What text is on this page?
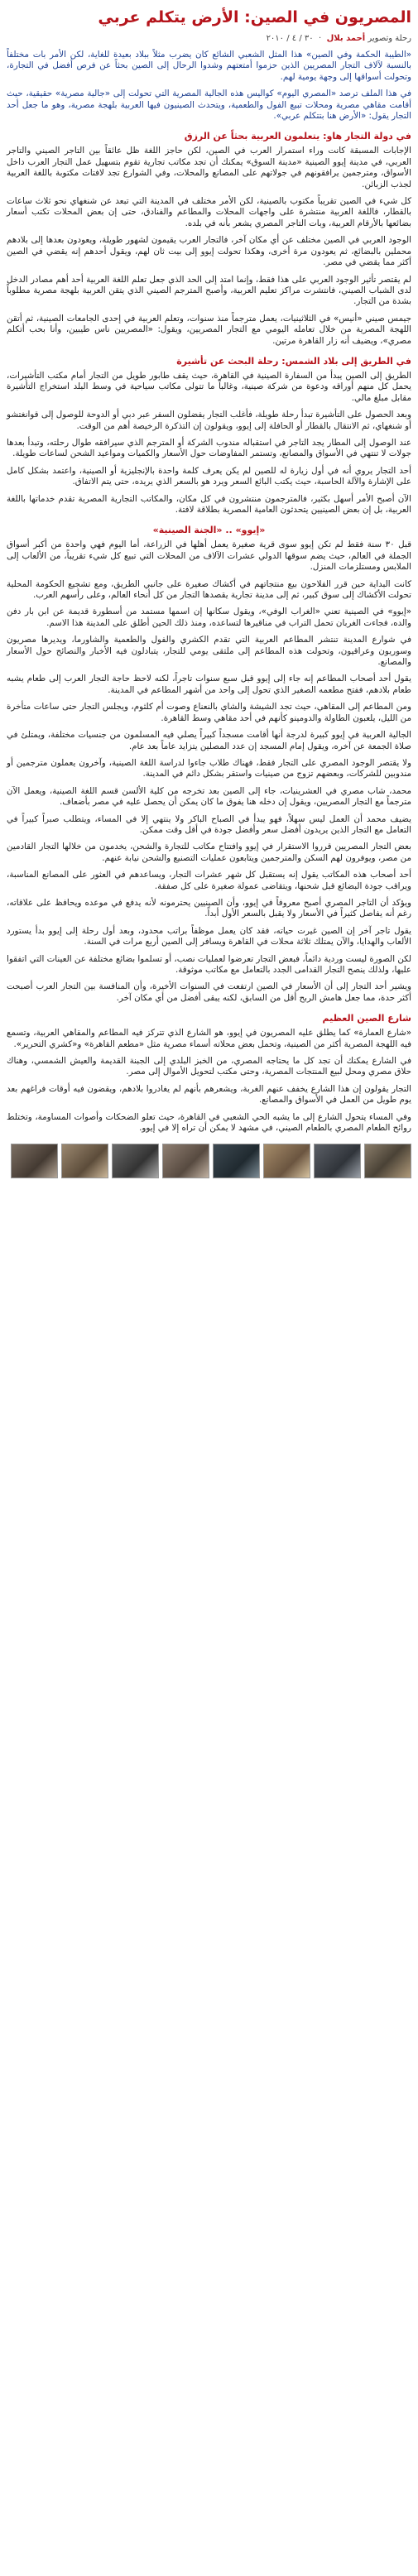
المصريون في الصين: الأرض يتكلم عربي
رحلة وتصوير أحمد بلال  ·  ٣٠ / ٤ / ٢٠١٠

«الطيبة الحكمة وفي الصين» هذا المثل الشعبي الشائع كان يضرب مثلاً ببلاد بعيدة للغاية، لكن الأمر بات مختلفاً بالنسبة لآلاف التجار المصريين الذين حزموا أمتعتهم وشدوا الرحال إلى الصين بحثاً عن فرص أفضل في التجارة، وتحولت أسواقها إلى وجهة يومية لهم.

في هذا الملف ترصد «المصري اليوم» كواليس هذه الجالية المصرية التي تحولت إلى «جالية مصرية» حقيقية، حيث أقامت مقاهي مصرية ومحلات تبيع الفول والطعمية، ويتحدث الصينيون فيها العربية بلهجة مصرية، وهو ما جعل أحد التجار يقول: «الأرض هنا بتتكلم عربي».

في دولة التجار هاو: يتعلمون العربية بحثاً عن الرزق

الإجابات المسبقة كانت وراء استمرار العرب في الصين، لكن حاجز اللغة ظل عائقاً بين التاجر الصيني والتاجر العربي، في مدينة إيوو الصينية «مدينة السوق» يمكنك أن تجد مكاتب تجارية تقوم بتسهيل عمل التجار العرب داخل الأسواق، ومترجمين يرافقونهم في جولاتهم على المصانع والمحلات، وفي الشوارع تجد لافتات مكتوبة باللغة العربية لجذب الزبائن.

كل شيء في الصين تقريباً مكتوب بالصينية، لكن الأمر مختلف في المدينة التي تبعد عن شنغهاي نحو ثلاث ساعات بالقطار، فاللغة العربية منتشرة على واجهات المحلات والمطاعم والفنادق، حتى إن بعض المحلات تكتب أسعار بضائعها بالأرقام العربية، وبات التاجر المصري يشعر بأنه في بلده.

الوجود العربي في الصين مختلف عن أي مكان آخر، فالتجار العرب يقيمون لشهور طويلة، ويعودون بعدها إلى بلادهم محملين بالبضائع، ثم يعودون مرة أخرى، وهكذا تحولت إيوو إلى بيت ثان لهم، ويقول أحدهم إنه يقضي في الصين أكثر مما يقضي في مصر.

لم يقتصر تأثير الوجود العربي على هذا فقط، وإنما امتد إلى الحد الذي جعل تعلم اللغة العربية أحد أهم مصادر الدخل لدى الشباب الصيني، فانتشرت مراكز تعليم العربية، وأصبح المترجم الصيني الذي يتقن العربية بلهجة مصرية مطلوباً بشدة من التجار.

جيمس صيني «أنيس» في الثلاثينيات، يعمل مترجماً منذ سنوات، وتعلم العربية في إحدى الجامعات الصينية، ثم أتقن اللهجة المصرية من خلال تعامله اليومي مع التجار المصريين، ويقول: «المصريين ناس طيبين، وأنا بحب أتكلم مصري»، ويضيف أنه زار القاهرة مرتين.

في الطريق إلى بلاد الشمس: رحلة البحث عن تأشيرة

الطريق إلى الصين يبدأ من السفارة الصينية في القاهرة، حيث يقف طابور طويل من التجار أمام مكتب التأشيرات، يحمل كل منهم أوراقه ودعوة من شركة صينية، وغالباً ما تتولى مكاتب سياحية في وسط البلد استخراج التأشيرة مقابل مبلغ مالي.

وبعد الحصول على التأشيرة تبدأ رحلة طويلة، فأغلب التجار يفضلون السفر عبر دبي أو الدوحة للوصول إلى قوانغتشو أو شنغهاي، ثم الانتقال بالقطار أو الحافلة إلى إيوو، ويقولون إن التذكرة الرخيصة أهم من الوقت.

عند الوصول إلى المطار يجد التاجر في استقباله مندوب الشركة أو المترجم الذي سيرافقه طوال رحلته، وتبدأ بعدها جولات لا تنتهي في الأسواق والمصانع، وتستمر المفاوضات حول الأسعار والكميات ومواعيد الشحن لساعات طويلة.

أحد التجار يروي أنه في أول زيارة له للصين لم يكن يعرف كلمة واحدة بالإنجليزية أو الصينية، واعتمد بشكل كامل على الإشارة والآلة الحاسبة، حيث يكتب البائع السعر ويرد هو بالسعر الذي يريده، حتى يتم الاتفاق.

الآن أصبح الأمر أسهل بكثير، فالمترجمون منتشرون في كل مكان، والمكاتب التجارية المصرية تقدم خدماتها باللغة العربية، بل إن بعض الصينيين يتحدثون العامية المصرية بطلاقة لافتة.

«إيوو» .. «الجنة الصينية»

قبل ٣٠ سنة فقط لم تكن إيوو سوى قرية صغيرة يعمل أهلها في الزراعة، أما اليوم فهي واحدة من أكبر أسواق الجملة في العالم، حيث يضم سوقها الدولي عشرات الآلاف من المحلات التي تبيع كل شيء تقريباً، من الألعاب إلى الملابس ومستلزمات المنزل.

كانت البداية حين قرر الفلاحون بيع منتجاتهم في أكشاك صغيرة على جانبي الطريق، ومع تشجيع الحكومة المحلية تحولت الأكشاك إلى سوق كبير، ثم إلى مدينة تجارية يقصدها التجار من كل أنحاء العالم، وعلى رأسهم العرب.

«إيوو» في الصينية تعني «الغراب الوفي»، ويقول سكانها إن اسمها مستمد من أسطورة قديمة عن ابن بار دفن والده، فجاءت الغربان تحمل التراب في مناقيرها لتساعده، ومنذ ذلك الحين أطلق على المدينة هذا الاسم.

في شوارع المدينة تنتشر المطاعم العربية التي تقدم الكشري والفول والطعمية والشاورما، ويديرها مصريون وسوريون وعراقيون، وتحولت هذه المطاعم إلى ملتقى يومي للتجار، يتبادلون فيه الأخبار والنصائح حول الأسعار والمصانع.

يقول أحد أصحاب المطاعم إنه جاء إلى إيوو قبل سبع سنوات تاجراً، لكنه لاحظ حاجة التجار العرب إلى طعام يشبه طعام بلادهم، ففتح مطعمه الصغير الذي تحول إلى واحد من أشهر المطاعم في المدينة.

ومن المطاعم إلى المقاهي، حيث تجد الشيشة والشاي بالنعناع وصوت أم كلثوم، ويجلس التجار حتى ساعات متأخرة من الليل، يلعبون الطاولة والدومينو كأنهم في أحد مقاهي وسط القاهرة.

الجالية العربية في إيوو كبيرة لدرجة أنها أقامت مسجداً كبيراً يصلي فيه المسلمون من جنسيات مختلفة، ويمتلئ في صلاة الجمعة عن آخره، ويقول إمام المسجد إن عدد المصلين يتزايد عاماً بعد عام.

ولا يقتصر الوجود المصري على التجار فقط، فهناك طلاب جاءوا لدراسة اللغة الصينية، وآخرون يعملون مترجمين أو مندوبين للشركات، وبعضهم تزوج من صينيات واستقر بشكل دائم في المدينة.

محمد، شاب مصري في العشرينيات، جاء إلى الصين بعد تخرجه من كلية الألسن قسم اللغة الصينية، ويعمل الآن مترجماً مع التجار المصريين، ويقول إن دخله هنا يفوق ما كان يمكن أن يحصل عليه في مصر بأضعاف.

يضيف محمد أن العمل ليس سهلاً، فهو يبدأ في الصباح الباكر ولا ينتهي إلا في المساء، ويتطلب صبراً كبيراً في التعامل مع التجار الذين يريدون أفضل سعر وأفضل جودة في أقل وقت ممكن.

بعض التجار المصريين قرروا الاستقرار في إيوو وافتتاح مكاتب للتجارة والشحن، يخدمون من خلالها التجار القادمين من مصر، ويوفرون لهم السكن والمترجمين ويتابعون عمليات التصنيع والشحن نيابة عنهم.

أحد أصحاب هذه المكاتب يقول إنه يستقبل كل شهر عشرات التجار، ويساعدهم في العثور على المصانع المناسبة، ويراقب جودة البضائع قبل شحنها، ويتقاضى عمولة صغيرة على كل صفقة.

ويؤكد أن التاجر المصري أصبح معروفاً في إيوو، وأن الصينيين يحترمونه لأنه يدفع في موعده ويحافظ على علاقاته، رغم أنه يفاصل كثيراً في الأسعار ولا يقبل بالسعر الأول أبداً.

يقول تاجر آخر إن الصين غيرت حياته، فقد كان يعمل موظفاً براتب محدود، وبعد أول رحلة إلى إيوو بدأ يستورد الألعاب والهدايا، والآن يمتلك ثلاثة محلات في القاهرة ويسافر إلى الصين أربع مرات في السنة.

لكن الصورة ليست وردية دائماً، فبعض التجار تعرضوا لعمليات نصب، أو تسلموا بضائع مختلفة عن العينات التي اتفقوا عليها، ولذلك ينصح التجار القدامى الجدد بالتعامل مع مكاتب موثوقة.

ويشير أحد التجار إلى أن الأسعار في الصين ارتفعت في السنوات الأخيرة، وأن المنافسة بين التجار العرب أصبحت أكثر حدة، مما جعل هامش الربح أقل من السابق، لكنه يبقى أفضل من أي مكان آخر.

شارع الصين العظيم

«شارع العمارة» كما يطلق عليه المصريون في إيوو، هو الشارع الذي تتركز فيه المطاعم والمقاهي العربية، وتسمع فيه اللهجة المصرية أكثر من الصينية، وتحمل بعض محلاته أسماء مصرية مثل «مطعم القاهرة» و«كشري التحرير».

في الشارع يمكنك أن تجد كل ما يحتاجه المصري، من الخبز البلدي إلى الجبنة القديمة والعيش الشمسي، وهناك حلاق مصري ومحل لبيع المنتجات المصرية، وحتى مكتب لتحويل الأموال إلى مصر.

التجار يقولون إن هذا الشارع يخفف عنهم الغربة، ويشعرهم بأنهم لم يغادروا بلادهم، ويقضون فيه أوقات فراغهم بعد يوم طويل من العمل في الأسواق والمصانع.

وفي المساء يتحول الشارع إلى ما يشبه الحي الشعبي في القاهرة، حيث تعلو الضحكات وأصوات المساومة، وتختلط روائح الطعام المصري بالطعام الصيني، في مشهد لا يمكن أن تراه إلا في إيوو.
